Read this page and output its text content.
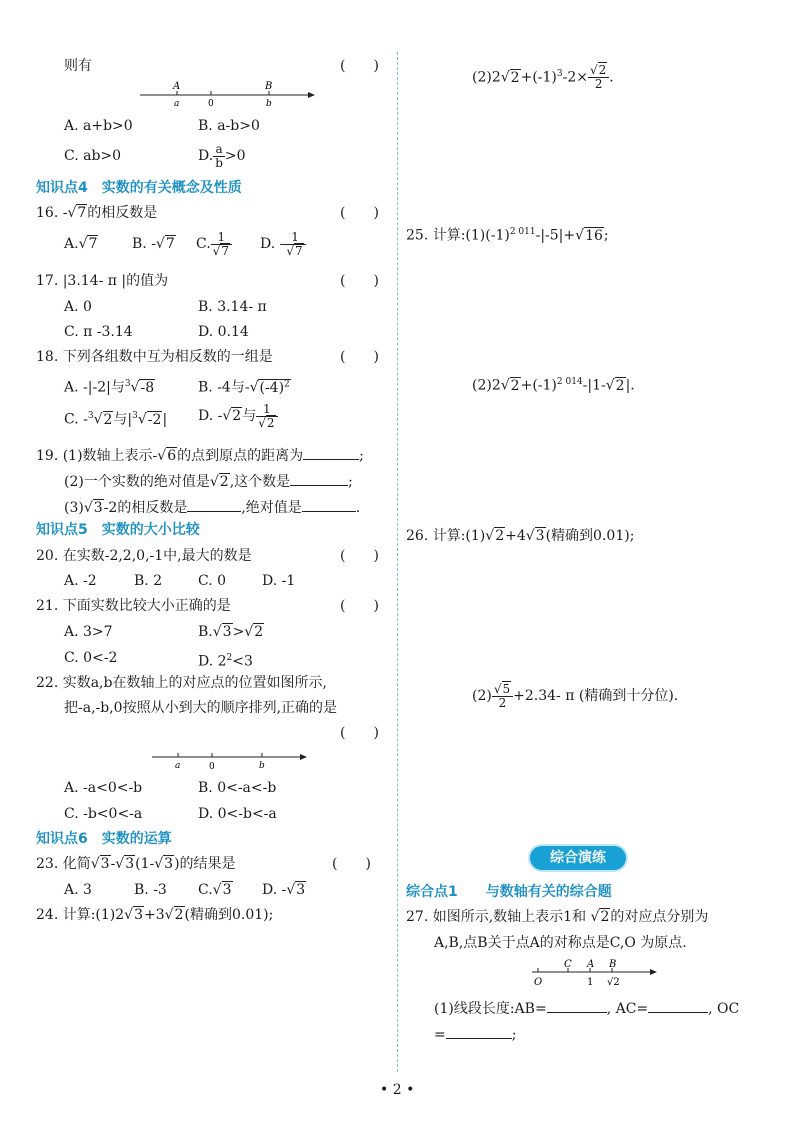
则有	(　　)
A	B
a	0	b
A. a+b>0	B. a-b>0
C. ab>0	D. $\frac{a}{b} >0$
知识点4　实数的有关概念及性质
16. -√7的相反数是	(　　)
A.√7 B. -√7 C. $\frac{1}{√7} D$. - $\frac{1}{√7}$
17. |3.14- π |的值为	(　　)
A. 0	B. 3.14- π
C. π -3.14	D. 0.14
18. 下列各组数中互为相反数的一组是	(　　)
A. -|-2|与$^3$√-8	B. -4与$-√(-4)^2$
C. -$^3$√2与$|^3√-2|$ D. -√2与 $\frac{1}{√2}$
19. (1)数轴上表示-√6的点到原点的距离为	;
(2)一个实数的绝对值是√2,这个数是	;
(3)√3-2的相反数是	,绝对值是	.
知识点5　实数的大小比较
20. 在实数-2,2,0,-1中,最大的数是	(　　)
A. -2	B. 2	C. 0	D. -1
21. 下面实数比较大小正确的是	(　　)
A. 3>7	B.√3>√2
C. 0<-2	D. $2^2<3$
22. 实数a,b在数轴上的对应点的位置如图所示,
把-a,-b,0按照从小到大的顺序排列,正确的是
(　　)
a	0	b
A. -a<0<-b	B. 0<-a<-b
C. -b<0<-a	D. 0<-b<-a
知识点6　实数的运算
23. 化简√3-√3(1-√3)的结果是	(　　)
A. 3	B. -3 C.√3 D. -√3
24. 计算:(1)2√3+3√2(精确到0.01);
$(2)2√2+(-1)^3-2\times \frac{√2}{2}$ .
25. 计算$:(1)(-1)^{2 011}-|-5|+√16$;
$(2)2√2+(-1)^{2 014}-|1-√2|$.
26. 计算:(1)√2+4√3(精确到0.01);
$(2) \frac{√5}{2} +2.34-$ π (精确到十分位).
综合演练
综合点1　　与数轴有关的综合题
27. 如图所示,数轴上表示1和 √2的对应点分别为
A,B,点B关于点A的对称点是C,O 为原点.
C A B
O	1 √2
(1)线段长度:AB=	, AC=	, OC
=	;
• 2 •
